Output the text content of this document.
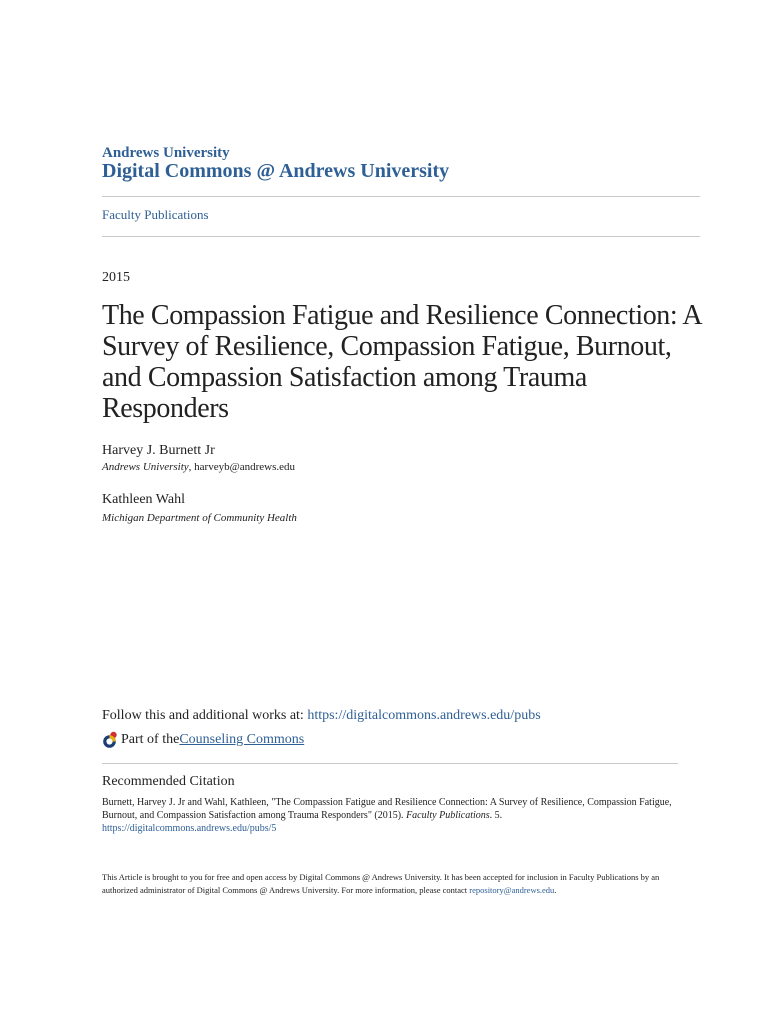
Andrews University
Digital Commons @ Andrews University
Faculty Publications
2015
The Compassion Fatigue and Resilience Connection: A Survey of Resilience, Compassion Fatigue, Burnout, and Compassion Satisfaction among Trauma Responders
Harvey J. Burnett Jr
Andrews University, harveyb@andrews.edu
Kathleen Wahl
Michigan Department of Community Health
Follow this and additional works at: https://digitalcommons.andrews.edu/pubs
Part of the Counseling Commons
Recommended Citation
Burnett, Harvey J. Jr and Wahl, Kathleen, "The Compassion Fatigue and Resilience Connection: A Survey of Resilience, Compassion Fatigue, Burnout, and Compassion Satisfaction among Trauma Responders" (2015). Faculty Publications. 5.
https://digitalcommons.andrews.edu/pubs/5
This Article is brought to you for free and open access by Digital Commons @ Andrews University. It has been accepted for inclusion in Faculty Publications by an authorized administrator of Digital Commons @ Andrews University. For more information, please contact repository@andrews.edu.
